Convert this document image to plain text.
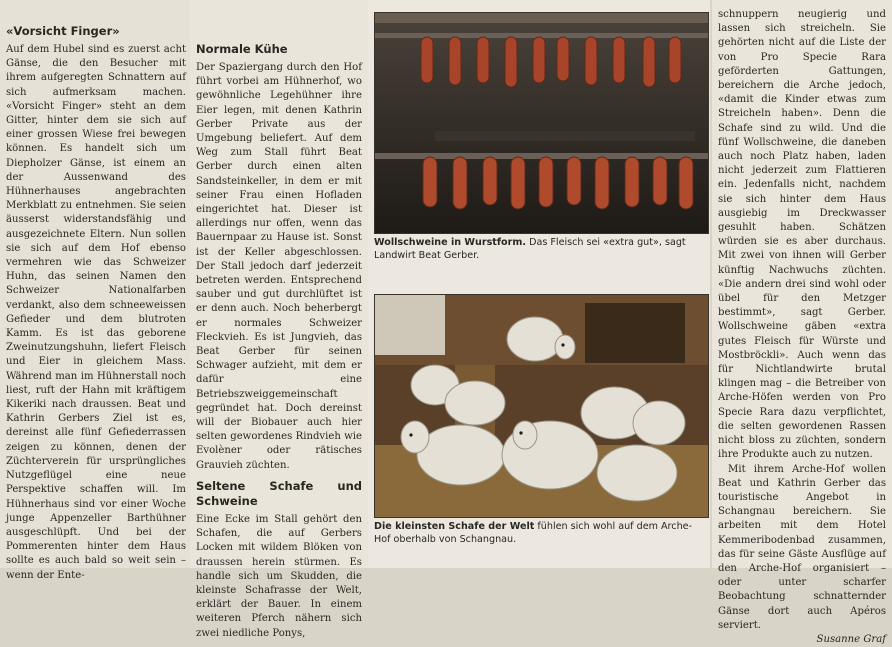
«Vorsicht Finger»

Auf dem Hubel sind es zuerst acht Gänse, die den Besucher mit ihrem aufgeregten Schnattern auf sich aufmerksam machen. «Vorsicht Finger» steht an dem Gitter, hinter dem sie sich auf einer grossen Wiese frei bewegen können. Es handelt sich um Diepholzer Gänse, ist einem an der Aussenwand des Hühnerhauses angebrachten Merkblatt zu entnehmen. Sie seien äusserst widerstandsfähig und ausgezeichnete Eltern. Nun sollen sie sich auf dem Hof ebenso vermehren wie das Schweizer Huhn, das seinen Namen den Schweizer Nationalfarben verdankt, also dem schneeweissen Gefieder und dem blutroten Kamm. Es ist das geborene Zweinutzungshuhn, liefert Fleisch und Eier in gleichem Mass. Während man im Hühnerstall noch liest, ruft der Hahn mit kräftigem Kikeriki nach draussen. Beat und Kathrin Gerbers Ziel ist es, dereinst alle fünf Gefiederrassen zeigen zu können, denen der Züchterverein für ursprüngliches Nutzgeflügel eine neue Perspektive schaffen will. Im Hühnerhaus sind vor einer Woche junge Appenzeller Barthühner ausgeschlüpft. Und bei der Pommerenten hinter dem Haus sollte es auch bald so weit sein – wenn der Ente-

Normale Kühe

Der Spaziergang durch den Hof führt vorbei am Hühnerhof, wo gewöhnliche Legehühner ihre Eier legen, mit denen Kathrin Gerber Private aus der Umgebung beliefert. Auf dem Weg zum Stall führt Beat Gerber durch einen alten Sandsteinkeller, in dem er mit seiner Frau einen Hofladen eingerichtet hat. Dieser ist allerdings nur offen, wenn das Bauernpaar zu Hause ist. Sonst ist der Keller abgeschlossen. Der Stall jedoch darf jederzeit betreten werden. Entsprechend sauber und gut durchlüftet ist er denn auch. Noch beherbergt er normales Schweizer Fleckvieh. Es ist Jungvieh, das Beat Gerber für seinen Schwager aufzieht, mit dem er dafür eine Betriebszweiggemeinschaft gegründet hat. Doch dereinst will der Biobauer auch hier selten gewordenes Rindvieh wie Evolèner oder rätisches Grauvieh züchten.

Seltene Schafe und Schweine

Eine Ecke im Stall gehört den Schafen, die auf Gerbers Locken mit wildem Blöken von draussen herein stürmen. Es handle sich um Skudden, die kleinste Schafrasse der Welt, erklärt der Bauer. In einem weiteren Pferch nähern sich zwei niedliche Ponys,

Wollschweine in Wurstform. Das Fleisch sei «extra gut», sagt Landwirt Beat Gerber.
Die kleinsten Schafe der Welt fühlen sich wohl auf dem Arche-Hof oberhalb von Schangnau.

schnuppern neugierig und lassen sich streicheln. Sie gehörten nicht auf die Liste der von Pro Specie Rara geförderten Gattungen, bereichern die Arche jedoch, «damit die Kinder etwas zum Streicheln haben». Denn die Schafe sind zu wild. Und die fünf Wollschweine, die daneben auch noch Platz haben, laden nicht jederzeit zum Flattieren ein. Jedenfalls nicht, nachdem sie sich hinter dem Haus ausgiebig im Dreckwasser gesuhlt haben. Schätzen würden sie es aber durchaus. Mit zwei von ihnen will Gerber künftig Nachwuchs züchten. «Die andern drei sind wohl oder übel für den Metzger bestimmt», sagt Gerber. Wollschweine gäben «extra gutes Fleisch für Würste und Mostbröckli». Auch wenn das für Nichtlandwirte brutal klingen mag – die Betreiber von Arche-Höfen werden von Pro Specie Rara dazu verpflichtet, die selten gewordenen Rassen nicht bloss zu züchten, sondern ihre Produkte auch zu nutzen.

Mit ihrem Arche-Hof wollen Beat und Kathrin Gerber das touristische Angebot in Schangnau bereichern. Sie arbeiten mit dem Hotel Kemmeribodenbad zusammen, das für seine Gäste Ausflüge auf den Arche-Hof organisiert – oder unter scharfer Beobachtung schnatternder Gänse dort auch Apéros serviert.

Susanne Graf
